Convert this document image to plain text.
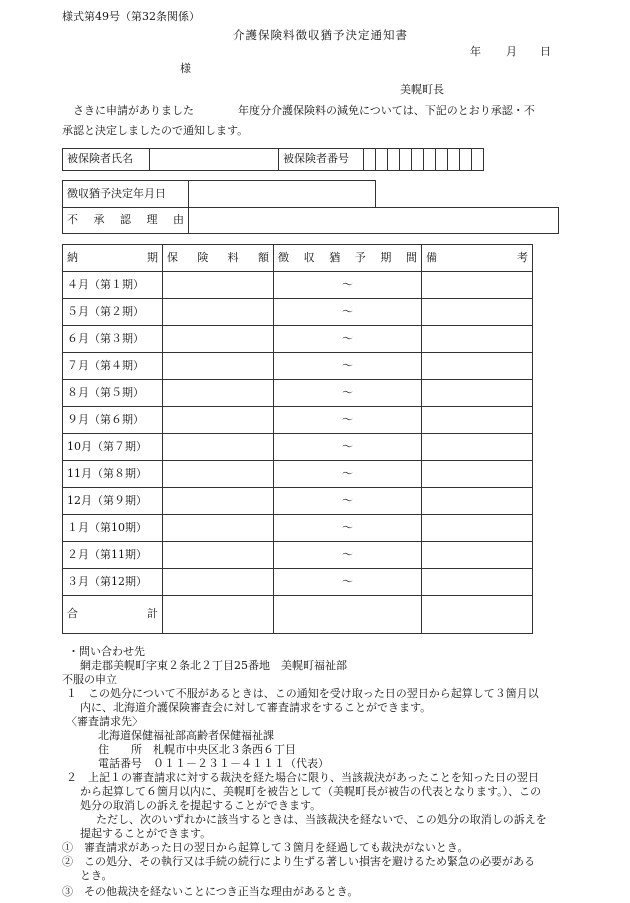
様式第49号（第32条関係）
介護保険料徴収猶予決定通知書
年 月 日
様
美幌町長
　さきに申請がありました　　　　年度分介護保険料の減免については、下記のとおり承認・不
承認と決定しましたので通知します。
被保険者氏名		被保険者番号										
徴収猶予決定年月日		
不承認理由	
納期	保険料額	徴収猶予期間	備考
４月（第１期）		～	
５月（第２期）		～	
６月（第３期）		～	
７月（第４期）		～	
８月（第５期）		～	
９月（第６期）		～	
10月（第７期）		～	
11月（第８期）		～	
12月（第９期）		～	
１月（第10期）		～	
２月（第11期）		～	
３月（第12期）		～	
合計			
・問い合わせ先
網走郡美幌町字東２条北２丁目25番地　美幌町福祉部
不服の申立
１　この処分について不服があるときは、この通知を受け取った日の翌日から起算して３箇月以
内に、北海道介護保険審査会に対して審査請求をすることができます。
〈審査請求先〉
北海道保健福祉部高齢者保健福祉課
住　　所　札幌市中央区北３条西６丁目
電話番号　０１１－２３１－４１１１（代表）
２　上記１の審査請求に対する裁決を経た場合に限り、当該裁決があったことを知った日の翌日
から起算して６箇月以内に、美幌町を被告として（美幌町長が被告の代表となります。）、この
処分の取消しの訴えを提起することができます。
ただし、次のいずれかに該当するときは、当該裁決を経ないで、この処分の取消しの訴えを
提起することができます。
①　審査請求があった日の翌日から起算して３箇月を経過しても裁決がないとき。
②　この処分、その執行又は手続の続行により生ずる著しい損害を避けるため緊急の必要がある
とき。
③　その他裁決を経ないことにつき正当な理由があるとき。
